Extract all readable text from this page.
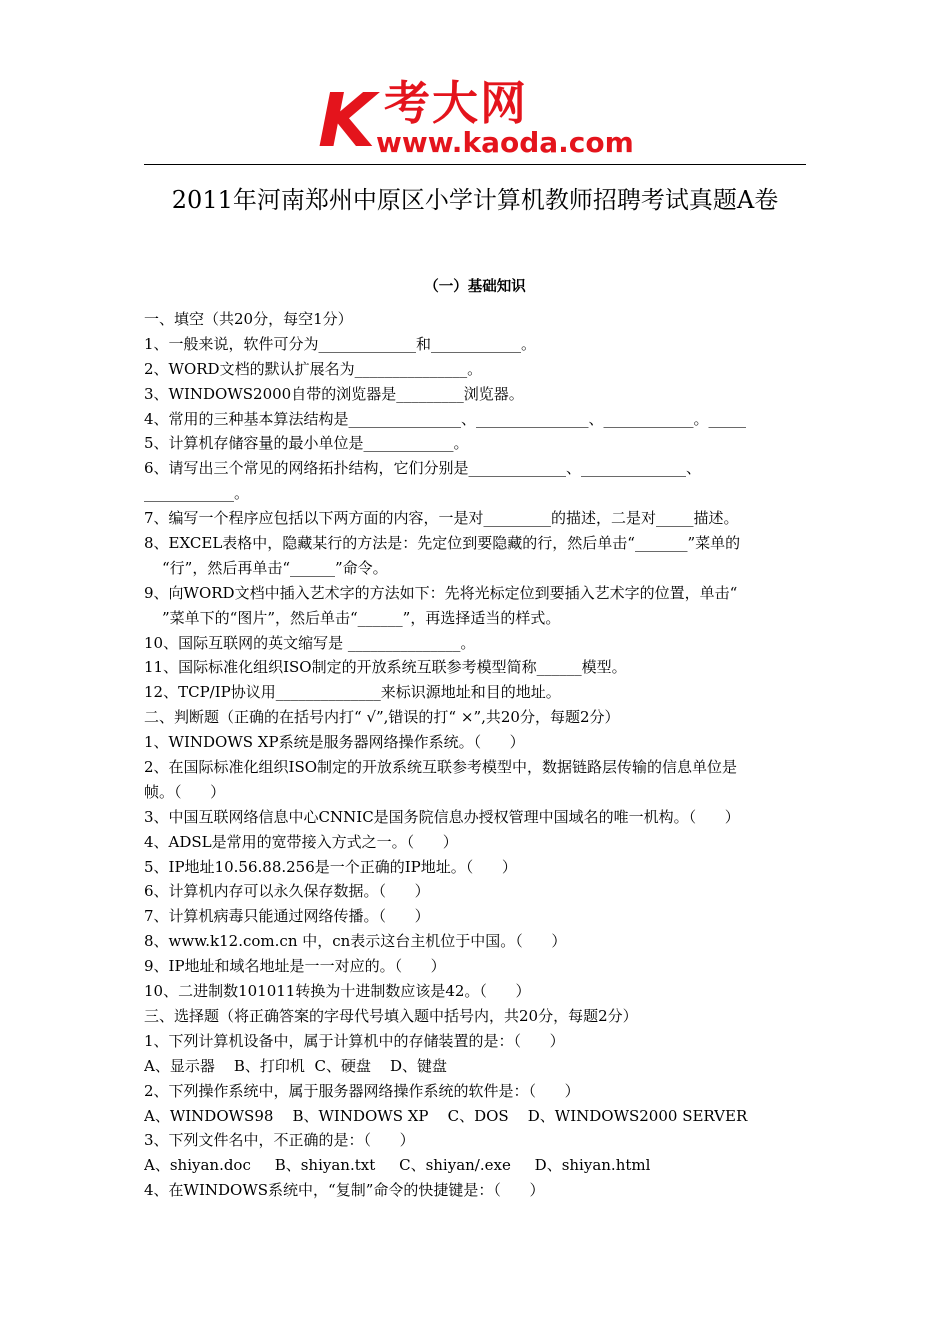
K 考大网
www.kaoda.com
2011年河南郑州中原区小学计算机教师招聘考试真题A卷
（一）基础知识
一、填空（共20分，每空1分）
1、一般来说，软件可分为_____________和____________。
2、WORD文档的默认扩展名为_______________。
3、WINDOWS2000自带的浏览器是_________浏览器。
4、常用的三种基本算法结构是_______________、_______________、____________。_____
5、计算机存储容量的最小单位是____________。
6、请写出三个常见的网络拓扑结构，它们分别是_____________、______________、
____________。
7、编写一个程序应包括以下两方面的内容，一是对_________的描述，二是对_____描述。
8、EXCEL表格中，隐藏某行的方法是：先定位到要隐藏的行，然后单击“_______”菜单的
“行”，然后再单击“______”命令。
9、向WORD文档中插入艺术字的方法如下：先将光标定位到要插入艺术字的位置，单击“
”菜单下的“图片”，然后单击“______”，再选择适当的样式。
10、国际互联网的英文缩写是 _______________。
11、国际标准化组织ISO制定的开放系统互联参考模型简称______模型。
12、TCP/IP协议用______________来标识源地址和目的地址。
二、判断题（正确的在括号内打“ √”,错误的打“ ×”,共20分，每题2分）
1、WINDOWS XP系统是服务器网络操作系统。（      ）
2、在国际标准化组织ISO制定的开放系统互联参考模型中，数据链路层传输的信息单位是
帧。（      ）
3、中国互联网络信息中心CNNIC是国务院信息办授权管理中国域名的唯一机构。（      ）
4、ADSL是常用的宽带接入方式之一。（      ）
5、IP地址10.56.88.256是一个正确的IP地址。（      ）
6、计算机内存可以永久保存数据。（      ）
7、计算机病毒只能通过网络传播。（      ）
8、www.k12.com.cn 中，cn表示这台主机位于中国。（      ）
9、IP地址和域名地址是一一对应的。（      ）
10、二进制数101011转换为十进制数应该是42。（      ）
三、选择题（将正确答案的字母代号填入题中括号内，共20分，每题2分）
1、下列计算机设备中，属于计算机中的存储装置的是：（      ）
A、显示器    B、打印机  C、硬盘    D、键盘
2、下列操作系统中，属于服务器网络操作系统的软件是：（      ）
A、WINDOWS98    B、WINDOWS XP    C、DOS    D、WINDOWS2000 SERVER
3、下列文件名中，不正确的是：（      ）
A、shiyan.doc     B、shiyan.txt     C、shiyan/.exe     D、shiyan.html
4、在WINDOWS系统中，“复制”命令的快捷键是：（      ）
